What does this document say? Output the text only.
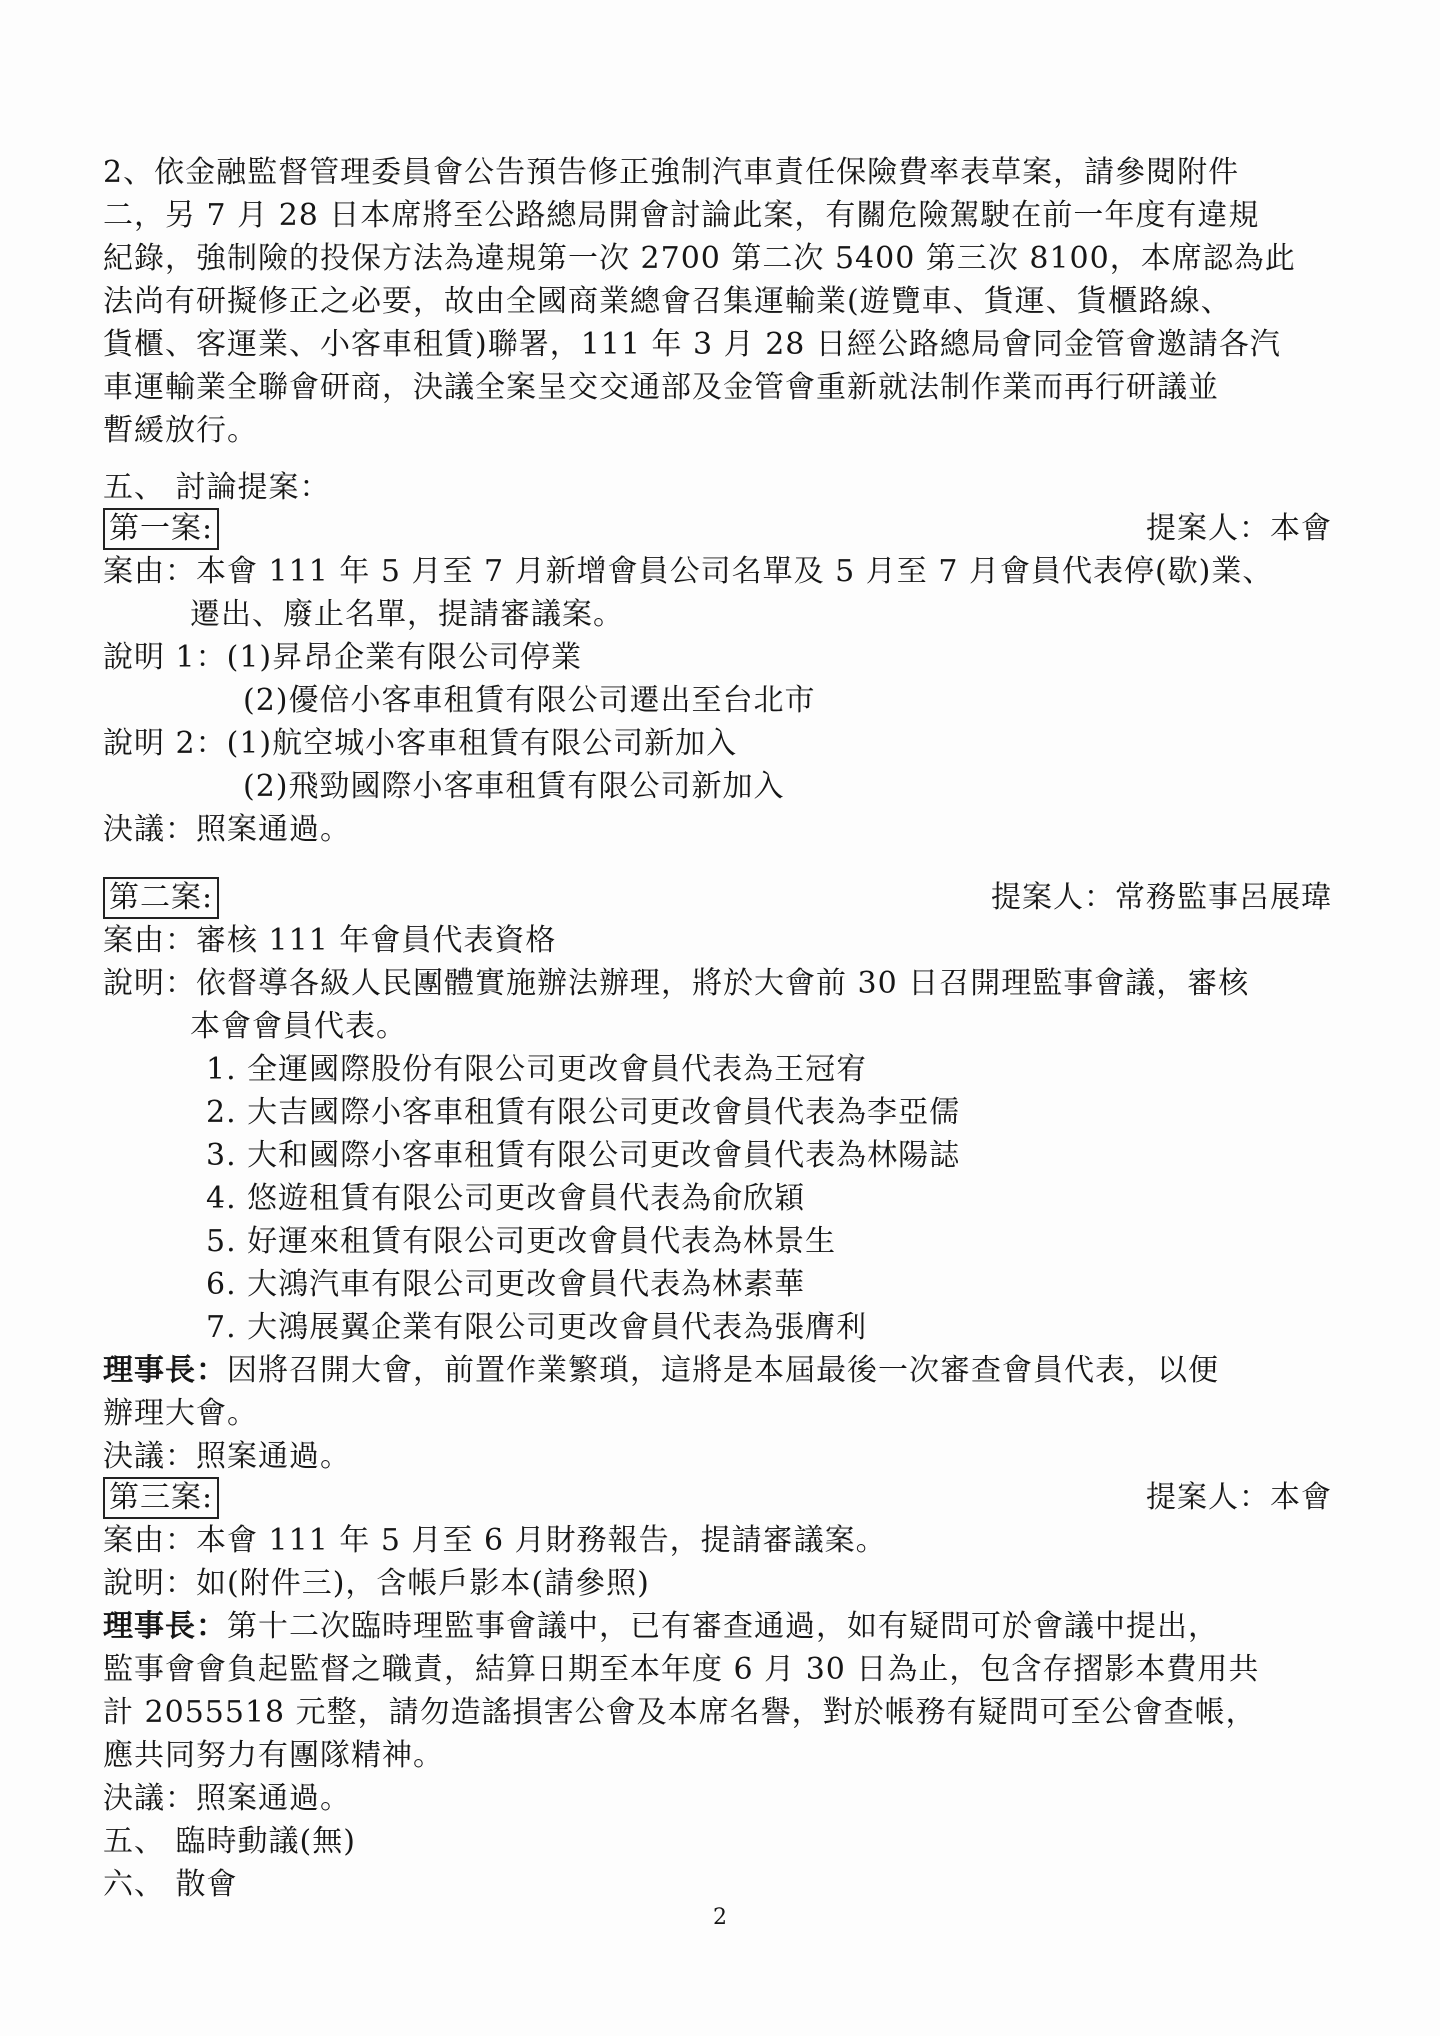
2、依金融監督管理委員會公告預告修正強制汽車責任保險費率表草案，請參閱附件
二，另 7 月 28 日本席將至公路總局開會討論此案，有關危險駕駛在前一年度有違規
紀錄，強制險的投保方法為違規第一次 2700 第二次 5400 第三次 8100，本席認為此
法尚有研擬修正之必要，故由全國商業總會召集運輸業(遊覽車、貨運、貨櫃路線、
貨櫃、客運業、小客車租賃)聯署，111 年 3 月 28 日經公路總局會同金管會邀請各汽
車運輸業全聯會研商，決議全案呈交交通部及金管會重新就法制作業而再行研議並
暫緩放行。
五、 討論提案：
第一案:	提案人：本會
案由：本會 111 年 5 月至 7 月新增會員公司名單及 5 月至 7 月會員代表停(歇)業、
遷出、廢止名單，提請審議案。
說明 1：(1)昇昂企業有限公司停業
(2)優倍小客車租賃有限公司遷出至台北市
說明 2：(1)航空城小客車租賃有限公司新加入
(2)飛勁國際小客車租賃有限公司新加入
決議：照案通過。
第二案:	提案人：常務監事呂展瑋
案由：審核 111 年會員代表資格
說明：依督導各級人民團體實施辦法辦理，將於大會前 30 日召開理監事會議，審核
本會會員代表。
1. 全運國際股份有限公司更改會員代表為王冠宥
2. 大吉國際小客車租賃有限公司更改會員代表為李亞儒
3. 大和國際小客車租賃有限公司更改會員代表為林陽誌
4. 悠遊租賃有限公司更改會員代表為俞欣穎
5. 好運來租賃有限公司更改會員代表為林景生
6. 大鴻汽車有限公司更改會員代表為林素華
7. 大鴻展翼企業有限公司更改會員代表為張膺利
理事長：因將召開大會，前置作業繁瑣，這將是本屆最後一次審查會員代表，以便
辦理大會。
決議：照案通過。
第三案:	提案人：本會
案由：本會 111 年 5 月至 6 月財務報告，提請審議案。
說明：如(附件三)，含帳戶影本(請參照)
理事長：第十二次臨時理監事會議中，已有審查通過，如有疑問可於會議中提出，
監事會會負起監督之職責，結算日期至本年度 6 月 30 日為止，包含存摺影本費用共
計 2055518 元整，請勿造謠損害公會及本席名譽，對於帳務有疑問可至公會查帳，
應共同努力有團隊精神。
決議：照案通過。
五、 臨時動議(無)
六、 散會
2
